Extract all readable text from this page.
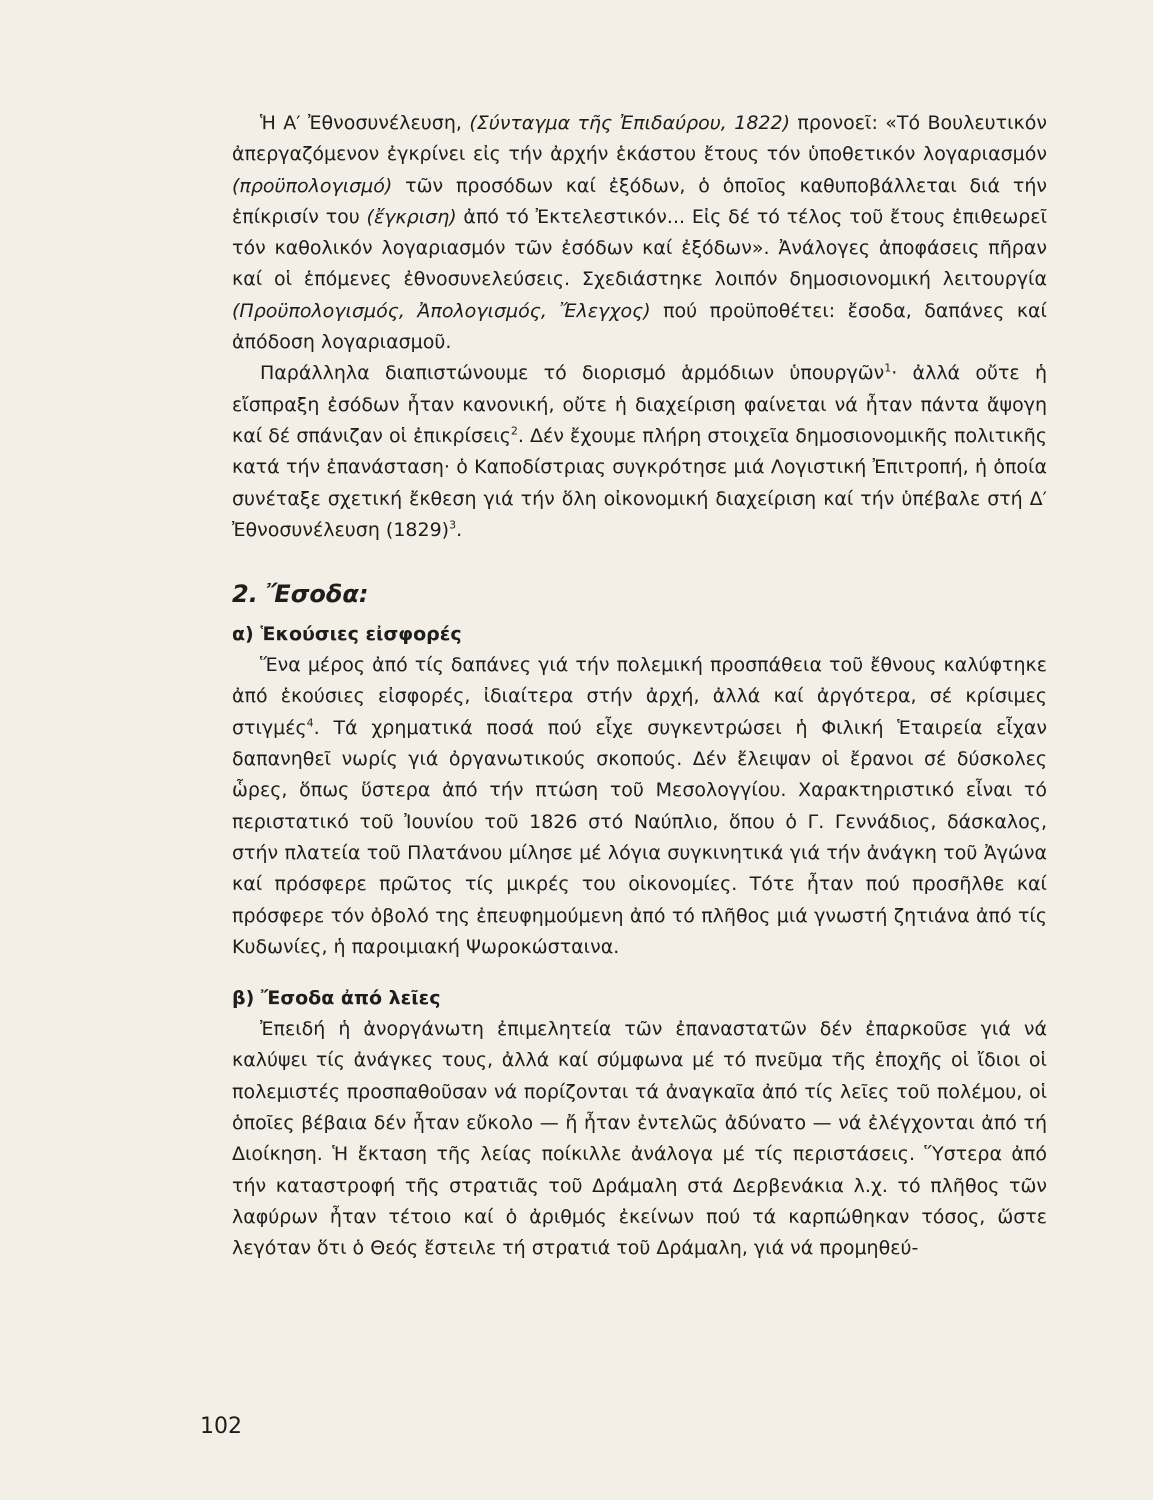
Ἡ Α′ Ἐθνοσυνέλευση, (Σύνταγμα τῆς Ἐπιδαύρου, 1822) προνοεῖ: «Τό Βουλευτικόν ἀπεργαζόμενον ἐγκρίνει εἰς τήν ἀρχήν ἑκάστου ἔτους τόν ὑποθετικόν λογαριασμόν (προϋπολογισμό) τῶν προσόδων καί ἐξόδων, ὁ ὁποῖος καθυποβάλλεται διά τήν ἐπίκρισίν του (ἔγκριση) ἀπό τό Ἐκτελεστικόν... Εἰς δέ τό τέλος τοῦ ἔτους ἐπιθεωρεῖ τόν καθολικόν λογαριασμόν τῶν ἐσόδων καί ἐξόδων». Ἀνάλογες ἀποφάσεις πῆραν καί οἱ ἑπόμενες ἐθνοσυνελεύσεις. Σχεδιάστηκε λοιπόν δημοσιονομική λειτουργία (Προϋπολογισμός, Ἀπολογισμός, Ἔλεγχος) πού προϋποθέτει: ἔσοδα, δαπάνες καί ἀπόδοση λογαριασμοῦ.

Παράλληλα διαπιστώνουμε τό διορισμό ἁρμόδιων ὑπουργῶν$^1$· ἀλλά οὔτε ἡ εἴσπραξη ἐσόδων ἦταν κανονική, οὔτε ἡ διαχείριση φαίνεται νά ἦταν πάντα ἄψογη καί δέ σπάνιζαν οἱ ἐπικρίσεις$^2$. Δέν ἔχουμε πλήρη στοιχεῖα δημοσιονομικῆς πολιτικῆς κατά τήν ἐπανάσταση· ὁ Καποδίστριας συγκρότησε μιά Λογιστική Ἐπιτροπή, ἡ ὁποία συνέταξε σχετική ἔκθεση γιά τήν ὅλη οἰκονομική διαχείριση καί τήν ὑπέβαλε στή Δ′ Ἐθνοσυνέλευση $(1829)^3$.

2. Ἔσοδα:
α) Ἑκούσιες εἰσφορές

Ἕνα μέρος ἀπό τίς δαπάνες γιά τήν πολεμική προσπάθεια τοῦ ἔθνους καλύφτηκε ἀπό ἑκούσιες εἰσφορές, ἰδιαίτερα στήν ἀρχή, ἀλλά καί ἀργότερα, σέ κρίσιμες στιγμές$^4$. Τά χρηματικά ποσά πού εἶχε συγκεντρώσει ἡ Φιλική Ἑταιρεία εἶχαν δαπανηθεῖ νωρίς γιά ὀργανωτικούς σκοπούς. Δέν ἔλειψαν οἱ ἔρανοι σέ δύσκολες ὧρες, ὅπως ὕστερα ἀπό τήν πτώση τοῦ Μεσολογγίου. Χαρακτηριστικό εἶναι τό περιστατικό τοῦ Ἰουνίου τοῦ 1826 στό Ναύπλιο, ὅπου ὁ Γ. Γεννάδιος, δάσκαλος, στήν πλατεία τοῦ Πλατάνου μίλησε μέ λόγια συγκινητικά γιά τήν ἀνάγκη τοῦ Ἀγώνα καί πρόσφερε πρῶτος τίς μικρές του οἰκονομίες. Τότε ἦταν πού προσῆλθε καί πρόσφερε τόν ὀβολό της ἐπευφημούμενη ἀπό τό πλῆθος μιά γνωστή ζητιάνα ἀπό τίς Κυδωνίες, ἡ παροιμιακή Ψωροκώσταινα.

β) Ἔσοδα ἀπό λεῖες

Ἐπειδή ἡ ἀνοργάνωτη ἐπιμελητεία τῶν ἐπαναστατῶν δέν ἐπαρκοῦσε γιά νά καλύψει τίς ἀνάγκες τους, ἀλλά καί σύμφωνα μέ τό πνεῦμα τῆς ἐποχῆς οἱ ἴδιοι οἱ πολεμιστές προσπαθοῦσαν νά πορίζονται τά ἀναγκαῖα ἀπό τίς λεῖες τοῦ πολέμου, οἱ ὁποῖες βέβαια δέν ἦταν εὔκολο — ἤ ἦταν ἐντελῶς ἀδύνατο — νά ἐλέγχονται ἀπό τή Διοίκηση. Ἡ ἔκταση τῆς λείας ποίκιλλε ἀνάλογα μέ τίς περιστάσεις. Ὕστερα ἀπό τήν καταστροφή τῆς στρατιᾶς τοῦ Δράμαλη στά Δερβενάκια λ.χ. τό πλῆθος τῶν λαφύρων ἦταν τέτοιο καί ὁ ἀριθμός ἐκείνων πού τά καρπώθηκαν τόσος, ὥστε λεγόταν ὅτι ὁ Θεός ἔστειλε τή στρατιά τοῦ Δράμαλη, γιά νά προμηθεύ-

102
